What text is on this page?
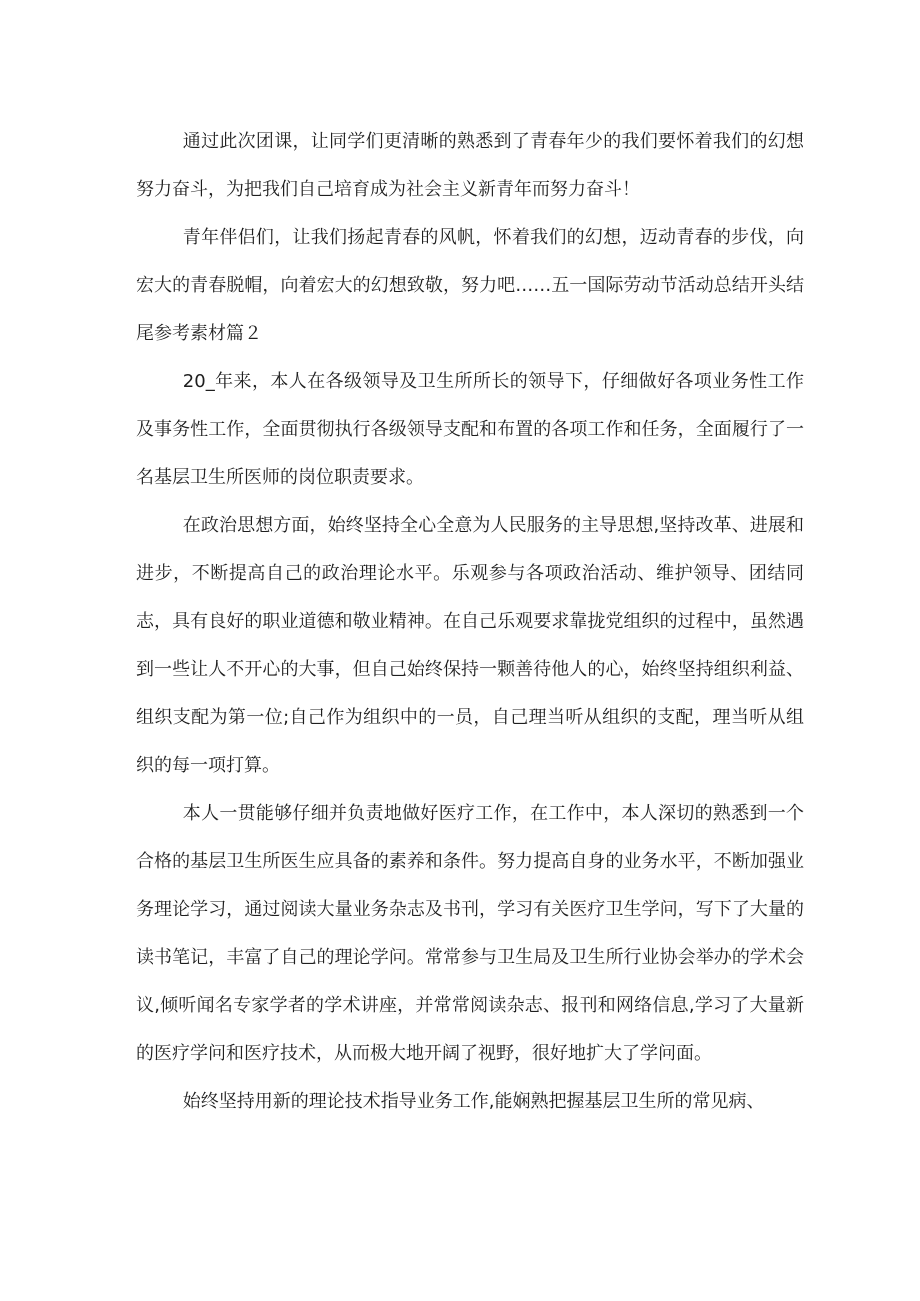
通过此次团课，让同学们更清晰的熟悉到了青春年少的我们要怀着我们的幻想努力奋斗，为把我们自己培育成为社会主义新青年而努力奋斗！

青年伴侣们，让我们扬起青春的风帆，怀着我们的幻想，迈动青春的步伐，向宏大的青春脱帽，向着宏大的幻想致敬，努力吧……五一国际劳动节活动总结开头结尾参考素材篇２

20_年来，本人在各级领导及卫生所所长的领导下，仔细做好各项业务性工作及事务性工作，全面贯彻执行各级领导支配和布置的各项工作和任务，全面履行了一名基层卫生所医师的岗位职责要求。

在政治思想方面，始终坚持全心全意为人民服务的主导思想,坚持改革、进展和进步，不断提高自己的政治理论水平。乐观参与各项政治活动、维护领导、团结同志，具有良好的职业道德和敬业精神。在自己乐观要求靠拢党组织的过程中，虽然遇到一些让人不开心的大事，但自己始终保持一颗善待他人的心，始终坚持组织利益、组织支配为第一位;自己作为组织中的一员，自己理当听从组织的支配，理当听从组织的每一项打算。

本人一贯能够仔细并负责地做好医疗工作，在工作中，本人深切的熟悉到一个合格的基层卫生所医生应具备的素养和条件。努力提高自身的业务水平，不断加强业务理论学习，通过阅读大量业务杂志及书刊，学习有关医疗卫生学问，写下了大量的读书笔记，丰富了自己的理论学问。常常参与卫生局及卫生所行业协会举办的学术会议,倾听闻名专家学者的学术讲座，并常常阅读杂志、报刊和网络信息,学习了大量新的医疗学问和医疗技术，从而极大地开阔了视野，很好地扩大了学问面。

始终坚持用新的理论技术指导业务工作,能娴熟把握基层卫生所的常见病、
